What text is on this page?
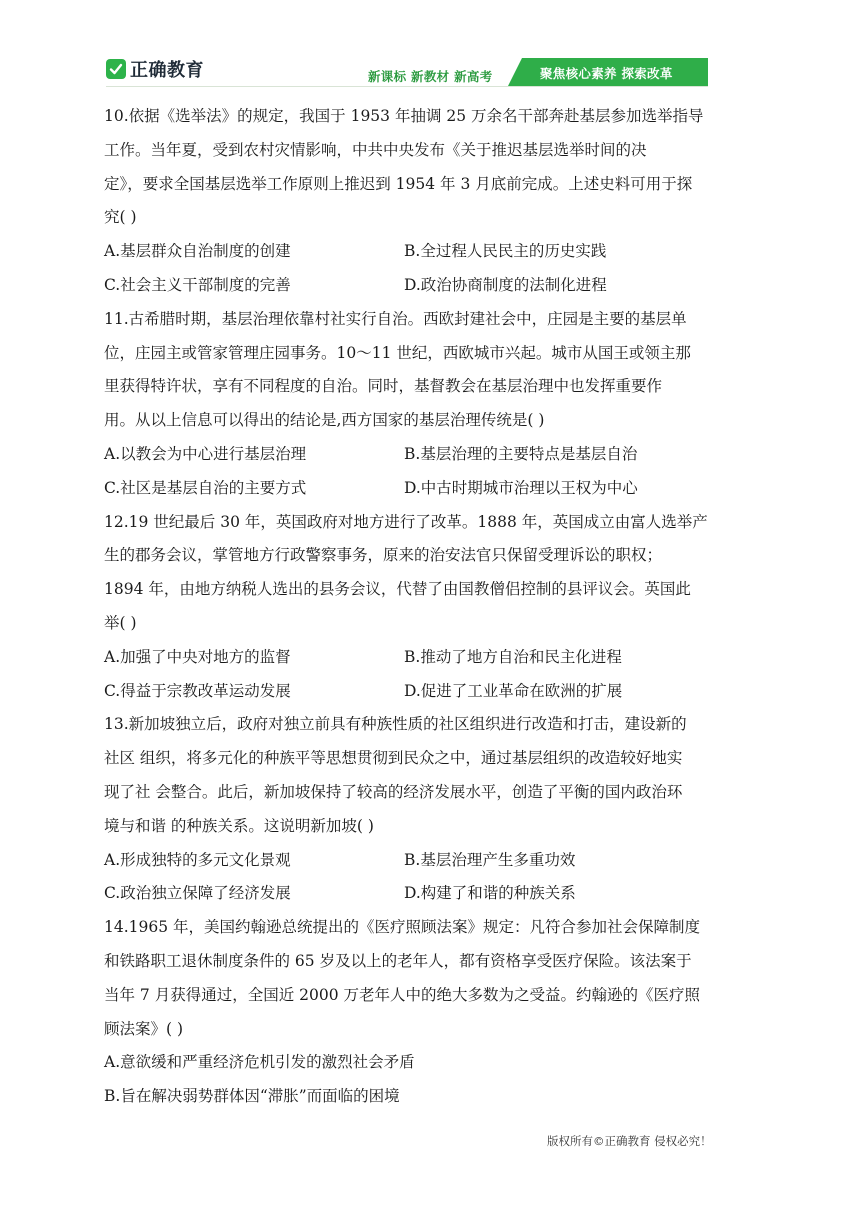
正确教育	新课标 新教材 新高考	聚焦核心素养 探索改革
10.依据《选举法》的规定，我国于 1953 年抽调 25 万余名干部奔赴基层参加选举指导
工作。当年夏，受到农村灾情影响，中共中央发布《关于推迟基层选举时间的决
定》，要求全国基层选举工作原则上推迟到 1954 年 3 月底前完成。上述史料可用于探
究( )
A.基层群众自治制度的创建	B.全过程人民民主的历史实践
C.社会主义干部制度的完善	D.政治协商制度的法制化进程
11.古希腊时期，基层治理依靠村社实行自治。西欧封建社会中，庄园是主要的基层单
位，庄园主或管家管理庄园事务。10～11 世纪，西欧城市兴起。城市从国王或领主那
里获得特许状，享有不同程度的自治。同时，基督教会在基层治理中也发挥重要作
用。从以上信息可以得出的结论是,西方国家的基层治理传统是( )
A.以教会为中心进行基层治理	B.基层治理的主要特点是基层自治
C.社区是基层自治的主要方式	D.中古时期城市治理以王权为中心
12.19 世纪最后 30 年，英国政府对地方进行了改革。1888 年，英国成立由富人选举产
生的郡务会议，掌管地方行政警察事务，原来的治安法官只保留受理诉讼的职权；
1894 年，由地方纳税人选出的县务会议，代替了由国教僧侣控制的县评议会。英国此
举( )
A.加强了中央对地方的监督	B.推动了地方自治和民主化进程
C.得益于宗教改革运动发展	D.促进了工业革命在欧洲的扩展
13.新加坡独立后，政府对独立前具有种族性质的社区组织进行改造和打击，建设新的
社区 组织，将多元化的种族平等思想贯彻到民众之中，通过基层组织的改造较好地实
现了社 会整合。此后，新加坡保持了较高的经济发展水平，创造了平衡的国内政治环
境与和谐 的种族关系。这说明新加坡( )
A.形成独特的多元文化景观	B.基层治理产生多重功效
C.政治独立保障了经济发展	D.构建了和谐的种族关系
14.1965 年，美国约翰逊总统提出的《医疗照顾法案》规定：凡符合参加社会保障制度
和铁路职工退休制度条件的 65 岁及以上的老年人，都有资格享受医疗保险。该法案于
当年 7 月获得通过，全国近 2000 万老年人中的绝大多数为之受益。约翰逊的《医疗照
顾法案》( )
A.意欲缓和严重经济危机引发的激烈社会矛盾
B.旨在解决弱势群体因“滞胀”而面临的困境
版权所有©正确教育 侵权必究！
